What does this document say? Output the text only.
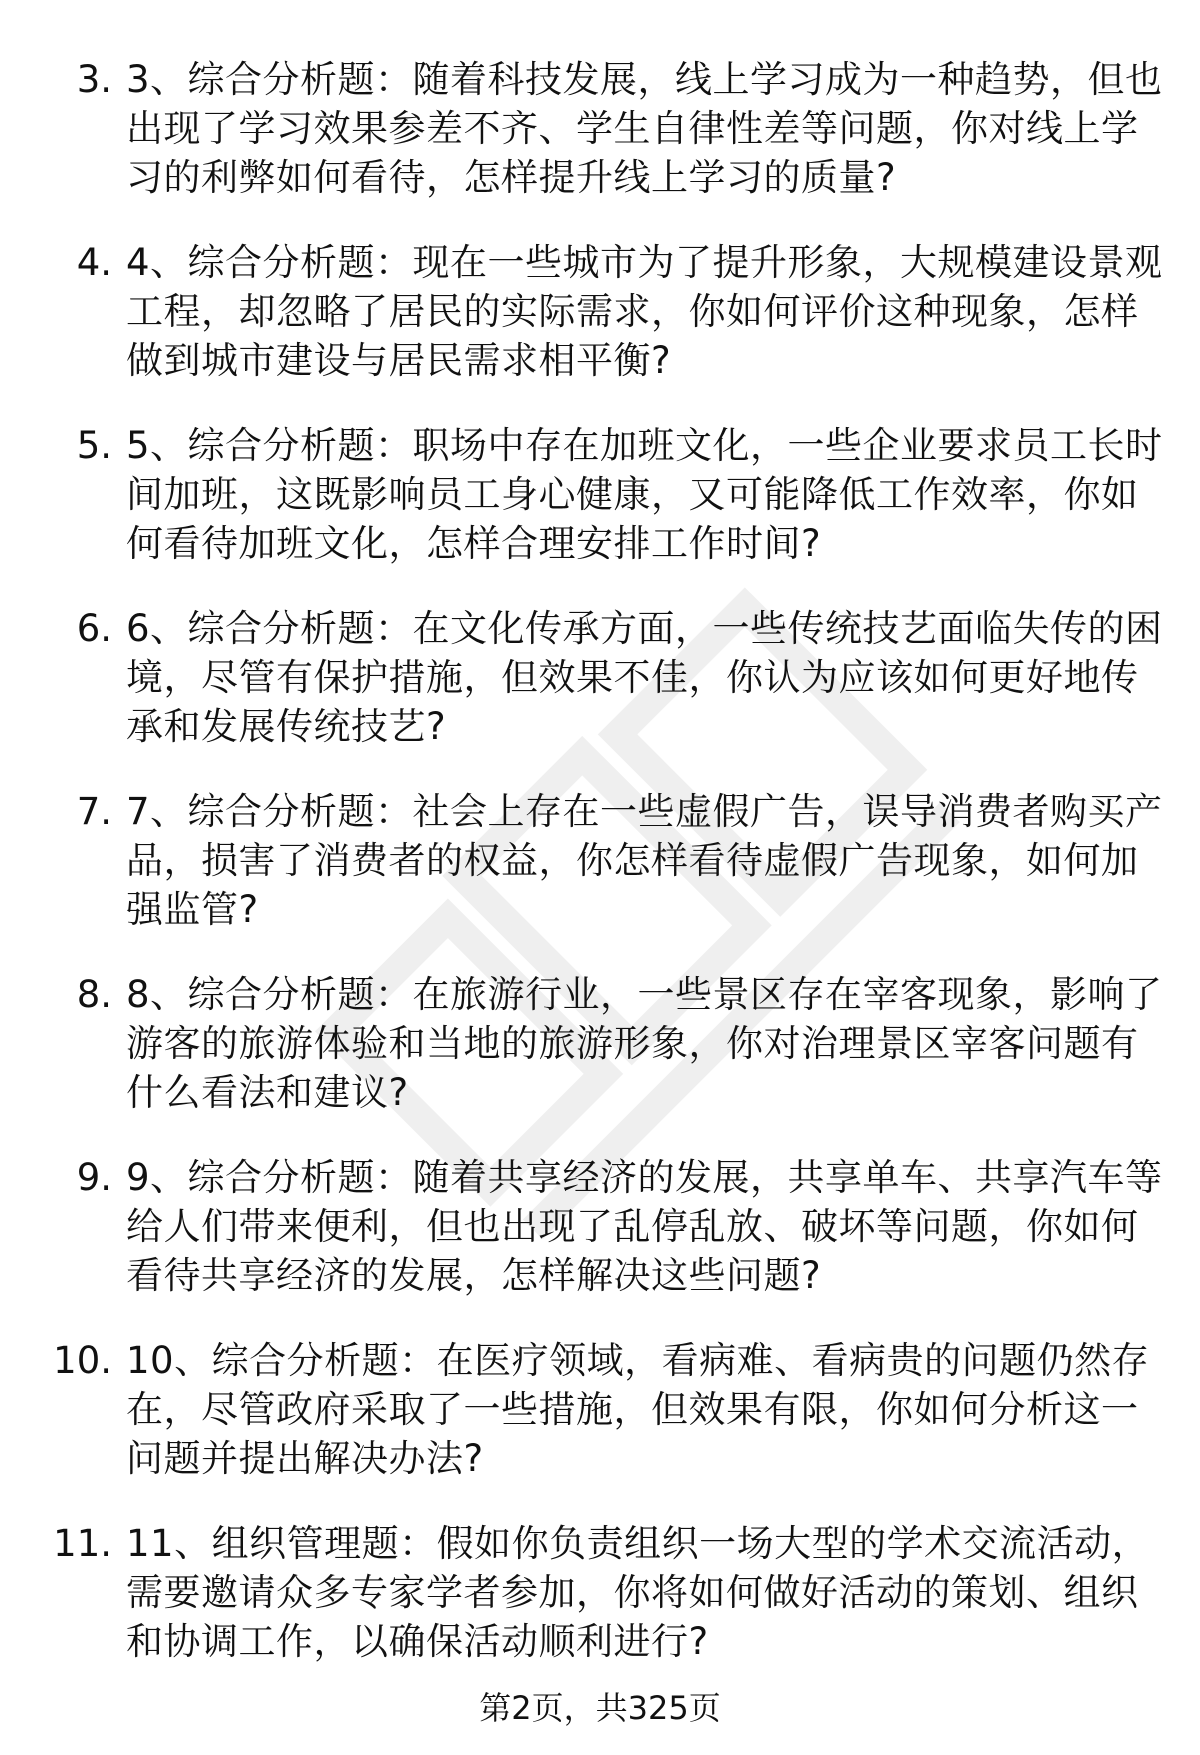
3. 3、综合分析题：随着科技发展，线上学习成为一种趋势，但也出现了学习效果参差不齐、学生自律性差等问题，你对线上学习的利弊如何看待，怎样提升线上学习的质量?
4. 4、综合分析题：现在一些城市为了提升形象，大规模建设景观工程，却忽略了居民的实际需求，你如何评价这种现象，怎样做到城市建设与居民需求相平衡?
5. 5、综合分析题：职场中存在加班文化，一些企业要求员工长时间加班，这既影响员工身心健康，又可能降低工作效率，你如何看待加班文化，怎样合理安排工作时间?
6. 6、综合分析题：在文化传承方面，一些传统技艺面临失传的困境，尽管有保护措施，但效果不佳，你认为应该如何更好地传承和发展传统技艺?
7. 7、综合分析题：社会上存在一些虚假广告，误导消费者购买产品，损害了消费者的权益，你怎样看待虚假广告现象，如何加强监管?
8. 8、综合分析题：在旅游行业，一些景区存在宰客现象，影响了游客的旅游体验和当地的旅游形象，你对治理景区宰客问题有什么看法和建议?
9. 9、综合分析题：随着共享经济的发展，共享单车、共享汽车等给人们带来便利，但也出现了乱停乱放、破坏等问题，你如何看待共享经济的发展，怎样解决这些问题?
10. 10、综合分析题：在医疗领域，看病难、看病贵的问题仍然存在，尽管政府采取了一些措施，但效果有限，你如何分析这一问题并提出解决办法?
11. 11、组织管理题：假如你负责组织一场大型的学术交流活动，需要邀请众多专家学者参加，你将如何做好活动的策划、组织和协调工作，以确保活动顺利进行?
第2页，共325页
